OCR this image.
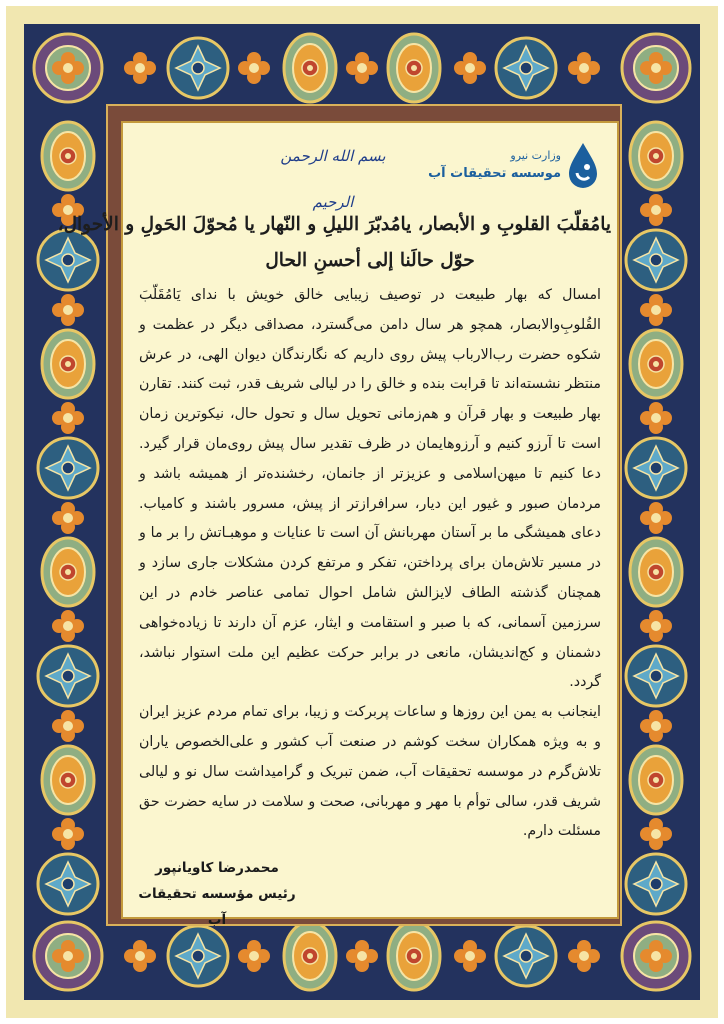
وزارت نیرو
موسسه تحقیقات آب
بسم الله الرحمن الرحیم
یامُقلّبَ القلوبِ و الأبصار، یامُدبّرَ اللیلِ و النّهار یا مُحوّلَ الحَولِ و الأحوال،
حوّل حالَنا إلی أحسنِ الحال

امسال که بهار طبیعت در توصیف زیبایی خالق خویش با ندای یَامُقَلّبَ القُلوبِ‌والابصار، همچو هر سال دامن می‌گسترد، مصداقی دیگر در عظمت و شکوه حضرت رب‌الارباب پیش روی داریم که نگارندگان دیوان الهی، در عرش منتظر نشسته‌اند تا قرابت بنده و خالق را در لیالی شریف قدر، ثبت کنند. تقارن بهار طبیعت و بهار قرآن و هم‌زمانی تحویل سال و تحول حال، نیکوترین زمان است تا آرزو کنیم و آرزوهایمان در ظرف تقدیر سال پیش روی‌مان قرار گیرد. دعا کنیم تا میهن‌اسلامی و عزیزتر از جانمان، رخشنده‌تر از همیشه باشد و مردمان صبور و غیور این دیار، سرافرازتر از پیش، مسرور باشند و کامیاب. دعای همیشگی ما بر آستان مهربانش آن است تا عنایات و موهبـاتش را بر ما و در مسیر تلاش‌مان برای پرداختن، تفکر و مرتفع کردن مشکلات جاری سازد و همچنان گذشته الطاف لایزالش شامل احوال تمامی عناصر خادم در این سرزمین آسمانی، که با صبر و استقامت و ایثار، عزم آن دارند تا زیاده‌خواهی دشمنان و کج‌اندیشان، مانعی در برابر حرکت عظیم این ملت استوار نباشد، گردد.

اینجانب به یمن این روزها و ساعات پربرکت و زیبا، برای تمام مردم عزیز ایران و به ویژه همکاران سخت کوشم در صنعت آب کشور و علی‌الخصوص یاران تلاش‌گرم در موسسه تحقیقات آب، ضمن تبریک و گرامیداشت سال نو و لیالی شریف قدر، سالی توأم با مهر و مهربانی، صحت و سلامت در سایه حضرت حق مسئلت دارم.

محمدرضا کاویانپور
رئیس مؤسسه تحقیقات آب
